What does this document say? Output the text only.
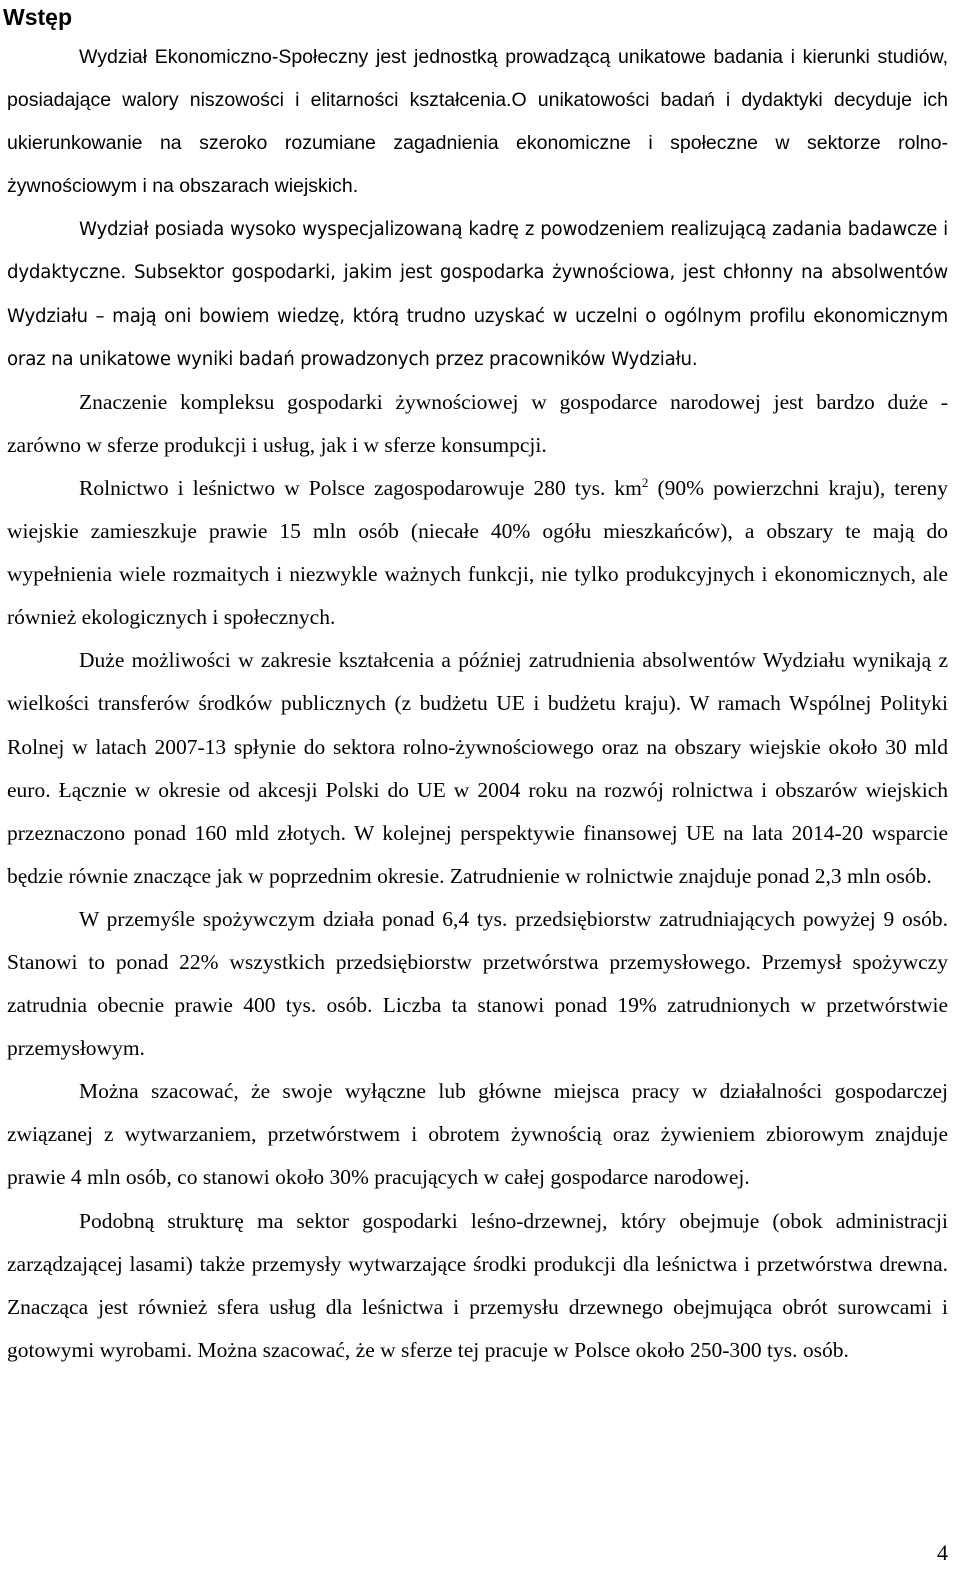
Wstęp

Wydział Ekonomiczno-Społeczny jest jednostką prowadzącą unikatowe badania i kierunki studiów, posiadające walory niszowości i elitarności kształcenia.O unikatowości badań i dydaktyki decyduje ich ukierunkowanie na szeroko rozumiane zagadnienia ekonomiczne i społeczne w sektorze rolno-żywnościowym i na obszarach wiejskich.

Wydział posiada wysoko wyspecjalizowaną kadrę z powodzeniem realizującą zadania badawcze i dydaktyczne. Subsektor gospodarki, jakim jest gospodarka żywnościowa, jest chłonny na absolwentów Wydziału – mają oni bowiem wiedzę, którą trudno uzyskać w uczelni o ogólnym profilu ekonomicznym oraz na unikatowe wyniki badań prowadzonych przez pracowników Wydziału.

Znaczenie kompleksu gospodarki żywnościowej w gospodarce narodowej jest bardzo duże - zarówno w sferze produkcji i usług, jak i w sferze konsumpcji.

Rolnictwo i leśnictwo w Polsce zagospodarowuje 280 tys. $km^2$ (90% powierzchni kraju), tereny wiejskie zamieszkuje prawie 15 mln osób (niecałe 40% ogółu mieszkańców), a obszary te mają do wypełnienia wiele rozmaitych i niezwykle ważnych funkcji, nie tylko produkcyjnych i ekonomicznych, ale również ekologicznych i społecznych.

Duże możliwości w zakresie kształcenia a później zatrudnienia absolwentów Wydziału wynikają z wielkości transferów środków publicznych (z budżetu UE i budżetu kraju). W ramach Wspólnej Polityki Rolnej w latach 2007-13 spłynie do sektora rolno-żywnościowego oraz na obszary wiejskie około 30 mld euro. Łącznie w okresie od akcesji Polski do UE w 2004 roku na rozwój rolnictwa i obszarów wiejskich przeznaczono ponad 160 mld złotych. W kolejnej perspektywie finansowej UE na lata 2014-20 wsparcie będzie równie znaczące jak w poprzednim okresie. Zatrudnienie w rolnictwie znajduje ponad 2,3 mln osób.

W przemyśle spożywczym działa ponad 6,4 tys. przedsiębiorstw zatrudniających powyżej 9 osób. Stanowi to ponad 22% wszystkich przedsiębiorstw przetwórstwa przemysłowego. Przemysł spożywczy zatrudnia obecnie prawie 400 tys. osób. Liczba ta stanowi ponad 19% zatrudnionych w przetwórstwie przemysłowym.

Można szacować, że swoje wyłączne lub główne miejsca pracy w działalności gospodarczej związanej z wytwarzaniem, przetwórstwem i obrotem żywnością oraz żywieniem zbiorowym znajduje prawie 4 mln osób, co stanowi około 30% pracujących w całej gospodarce narodowej.

Podobną strukturę ma sektor gospodarki leśno-drzewnej, który obejmuje (obok administracji zarządzającej lasami) także przemysły wytwarzające środki produkcji dla leśnictwa i przetwórstwa drewna. Znacząca jest również sfera usług dla leśnictwa i przemysłu drzewnego obejmująca obrót surowcami i gotowymi wyrobami. Można szacować, że w sferze tej pracuje w Polsce około 250-300 tys. osób.

4
